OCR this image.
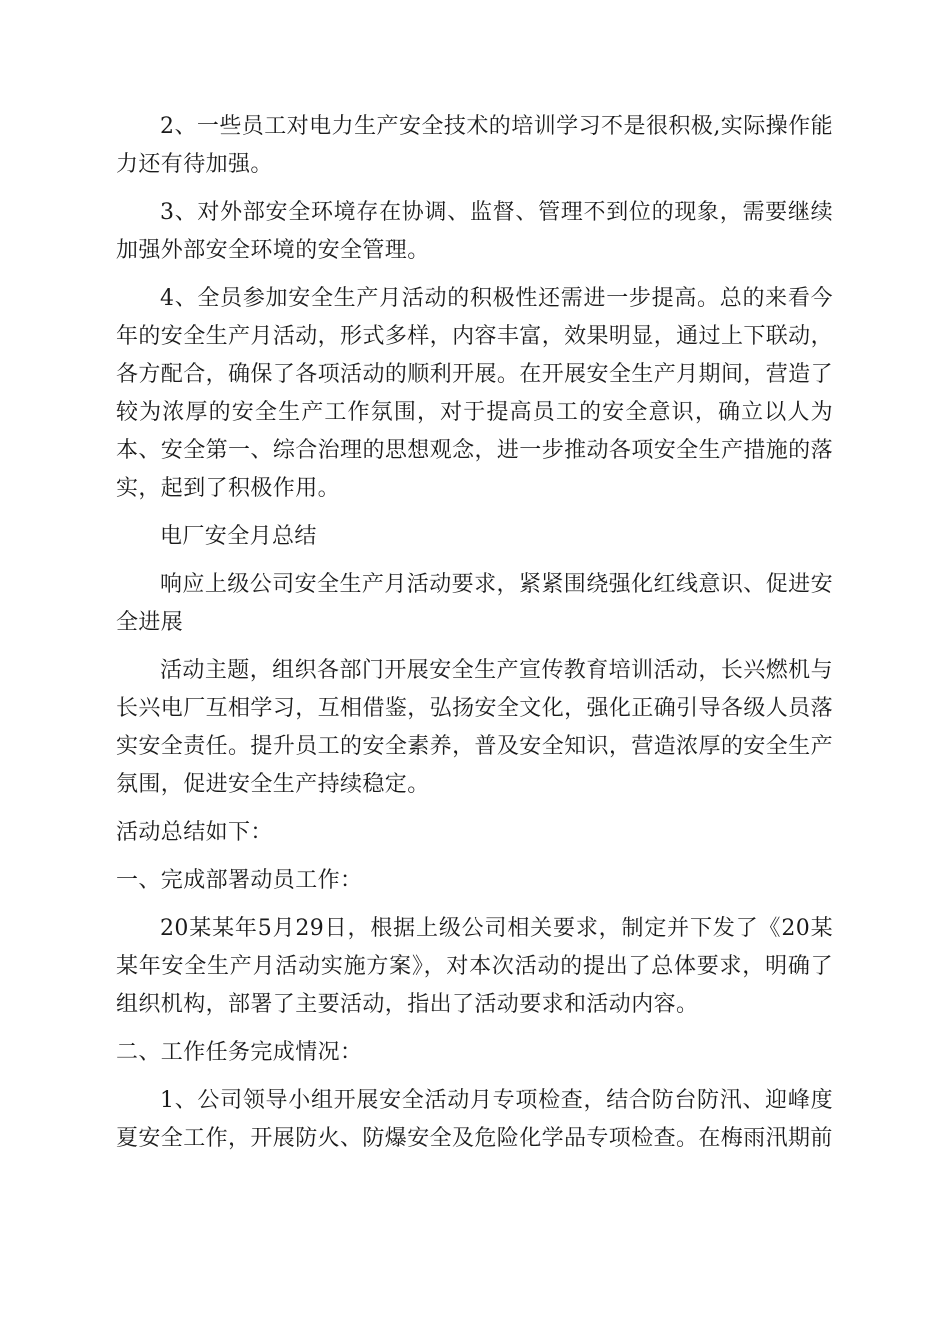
2、一些员工对电力生产安全技术的培训学习不是很积极,实际操作能力还有待加强。

3、对外部安全环境存在协调、监督、管理不到位的现象，需要继续加强外部安全环境的安全管理。

4、全员参加安全生产月活动的积极性还需进一步提高。总的来看今年的安全生产月活动，形式多样，内容丰富，效果明显，通过上下联动，各方配合，确保了各项活动的顺利开展。在开展安全生产月期间，营造了较为浓厚的安全生产工作氛围，对于提高员工的安全意识，确立以人为本、安全第一、综合治理的思想观念，进一步推动各项安全生产措施的落实，起到了积极作用。

电厂安全月总结

响应上级公司安全生产月活动要求，紧紧围绕强化红线意识、促进安全进展

活动主题，组织各部门开展安全生产宣传教育培训活动，长兴燃机与长兴电厂互相学习，互相借鉴，弘扬安全文化，强化正确引导各级人员落实安全责任。提升员工的安全素养，普及安全知识，营造浓厚的安全生产氛围，促进安全生产持续稳定。

活动总结如下：

一、完成部署动员工作：

20某某年5月29日，根据上级公司相关要求，制定并下发了《20某某年安全生产月活动实施方案》，对本次活动的提出了总体要求，明确了组织机构，部署了主要活动，指出了活动要求和活动内容。

二、工作任务完成情况：

1、公司领导小组开展安全活动月专项检查，结合防台防汛、迎峰度夏安全工作，开展防火、防爆安全及危险化学品专项检查。在梅雨汛期前
